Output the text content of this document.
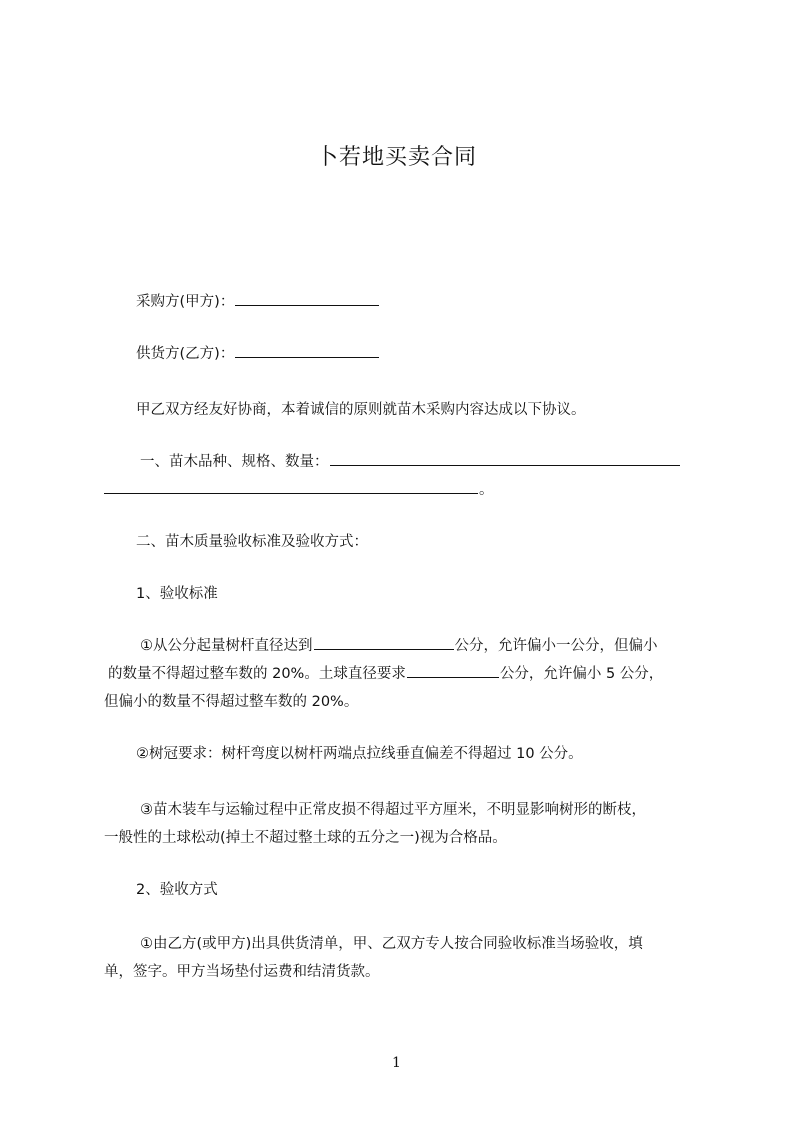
卜若地买卖合同
采购方(甲方)：
供货方(乙方)：
甲乙双方经友好协商，本着诚信的原则就苗木采购内容达成以下协议。
一、苗木品种、规格、数量：
。
二、苗木质量验收标准及验收方式：
1、验收标准
①从公分起量树杆直径达到	公分，允许偏小一公分，但偏小
的数量不得超过整车数的 20%。土球直径要求	公分，允许偏小 5 公分，
但偏小的数量不得超过整车数的 20%。
②树冠要求：树杆弯度以树杆两端点拉线垂直偏差不得超过 10 公分。
③苗木装车与运输过程中正常皮损不得超过平方厘米，不明显影响树形的断枝，
一般性的土球松动(掉土不超过整土球的五分之一)视为合格品。
2、验收方式
①由乙方(或甲方)出具供货清单，甲、乙双方专人按合同验收标准当场验收，填
单，签字。甲方当场垫付运费和结清货款。
1
